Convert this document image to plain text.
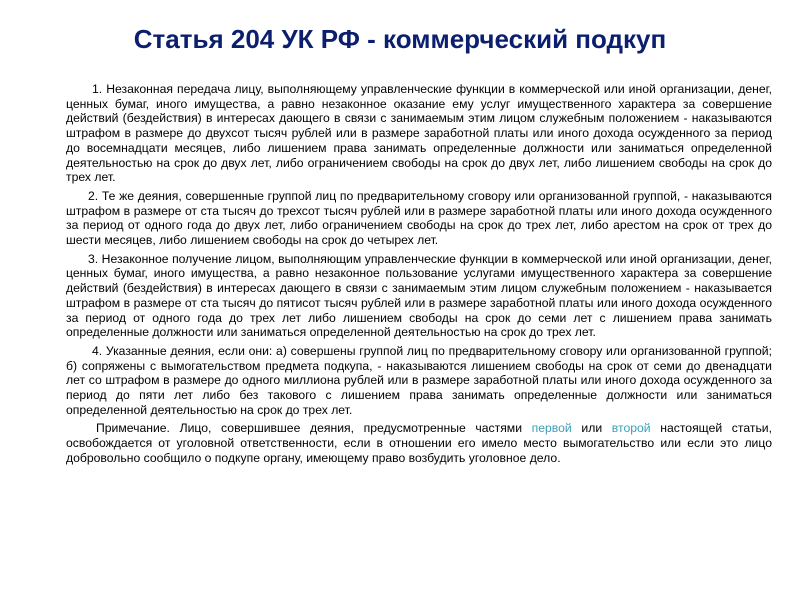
Статья 204 УК РФ - коммерческий подкуп

1. Незаконная передача лицу, выполняющему управленческие функции в коммерческой или иной организации, денег, ценных бумаг, иного имущества, а равно незаконное оказание ему услуг имущественного характера за совершение действий (бездействия) в интересах дающего в связи с занимаемым этим лицом служебным положением - наказываются штрафом в размере до двухсот тысяч рублей или в размере заработной платы или иного дохода осужденного за период до восемнадцати месяцев, либо лишением права занимать определенные должности или заниматься определенной деятельностью на срок до двух лет, либо ограничением свободы на срок до двух лет, либо лишением свободы на срок до трех лет.

2. Те же деяния, совершенные группой лиц по предварительному сговору или организованной группой, - наказываются штрафом в размере от ста тысяч до трехсот тысяч рублей или в размере заработной платы или иного дохода осужденного за период от одного года до двух лет, либо ограничением свободы на срок до трех лет, либо арестом на срок от трех до шести месяцев, либо лишением свободы на срок до четырех лет.

3. Незаконное получение лицом, выполняющим управленческие функции в коммерческой или иной организации, денег, ценных бумаг, иного имущества, а равно незаконное пользование услугами имущественного характера за совершение действий (бездействия) в интересах дающего в связи с занимаемым этим лицом служебным положением - наказывается штрафом в размере от ста тысяч до пятисот тысяч рублей или в размере заработной платы или иного дохода осужденного за период от одного года до трех лет либо лишением свободы на срок до семи лет с лишением права занимать определенные должности или заниматься определенной деятельностью на срок до трех лет.

4. Указанные деяния, если они: а) совершены группой лиц по предварительному сговору или организованной группой; б) сопряжены с вымогательством предмета подкупа, - наказываются лишением свободы на срок от семи до двенадцати лет со штрафом в размере до одного миллиона рублей или в размере заработной платы или иного дохода осужденного за период до пяти лет либо без такового с лишением права занимать определенные должности или заниматься определенной деятельностью на срок до трех лет.

Примечание. Лицо, совершившее деяния, предусмотренные частями первой или второй настоящей статьи, освобождается от уголовной ответственности, если в отношении его имело место вымогательство или если это лицо добровольно сообщило о подкупе органу, имеющему право возбудить уголовное дело.
